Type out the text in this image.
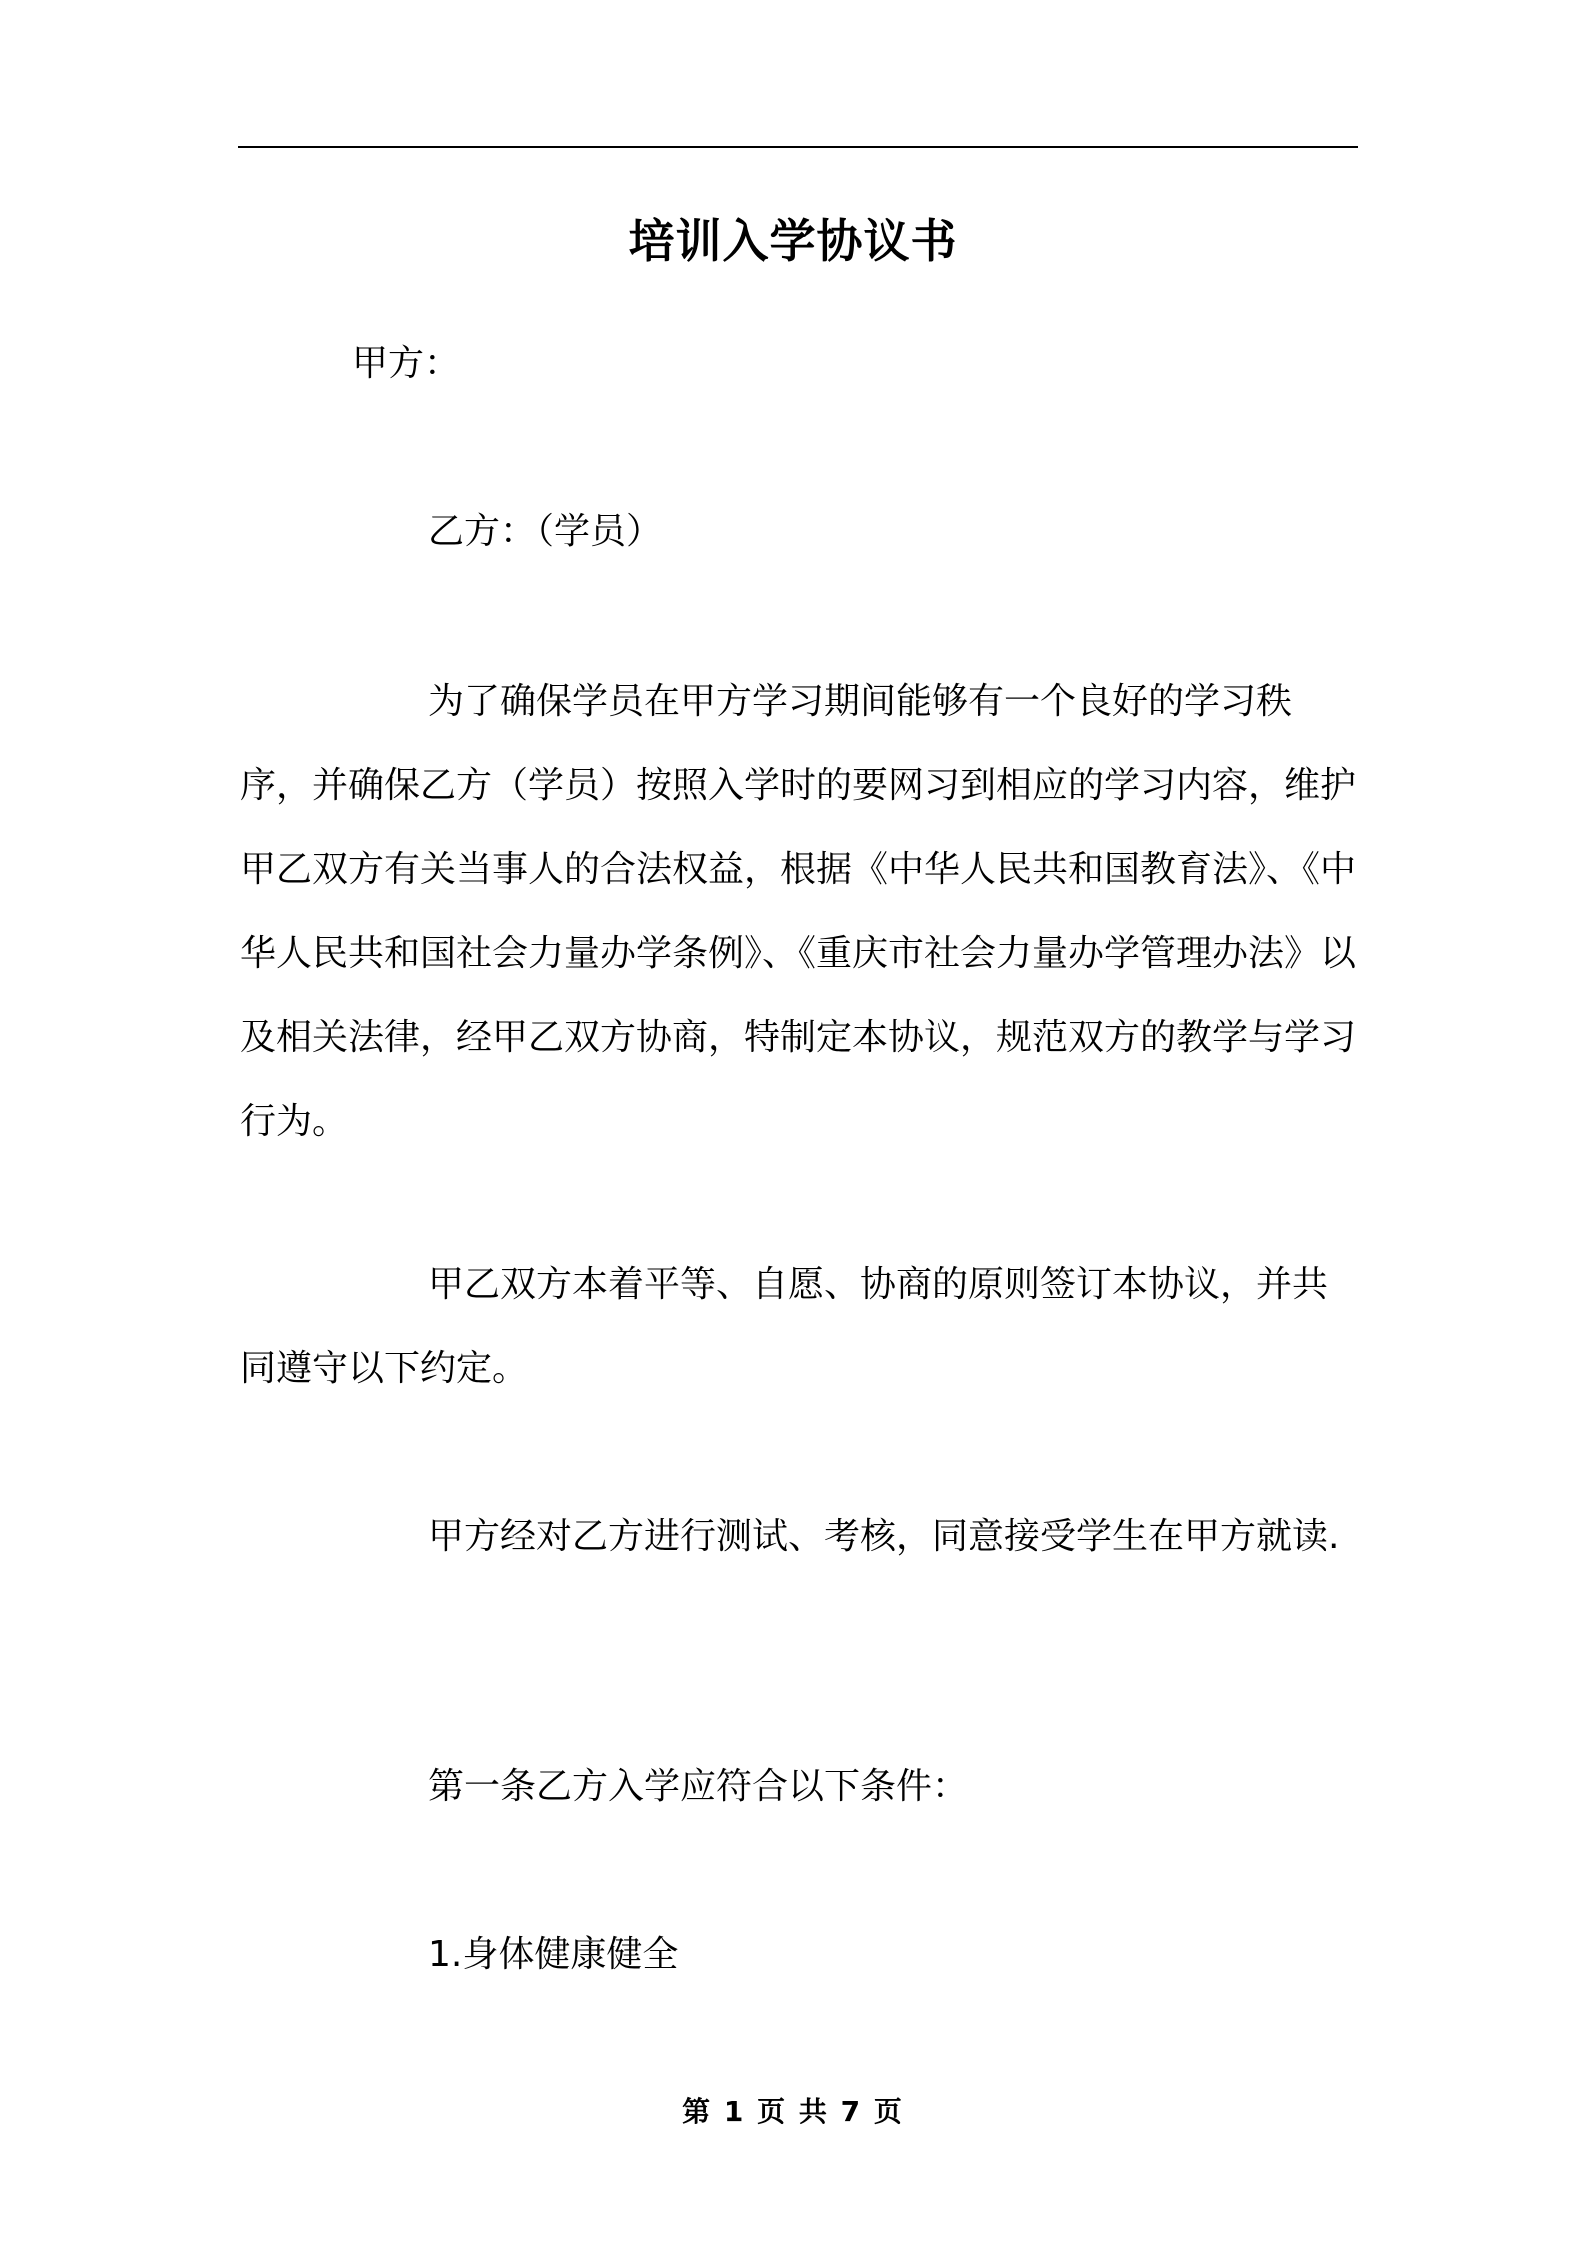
培训入学协议书
甲方：
乙方：（学员）
为了确保学员在甲方学习期间能够有一个良好的学习秩序，并确保乙方（学员）按照入学时的要网习到相应的学习内容，维护甲乙双方有关当事人的合法权益，根据《中华人民共和国教育法》、《中华人民共和国社会力量办学条例》、《重庆市社会力量办学管理办法》以及相关法律，经甲乙双方协商，特制定本协议，规范双方的教学与学习行为。
甲乙双方本着平等、自愿、协商的原则签订本协议，并共同遵守以下约定。
甲方经对乙方进行测试、考核，同意接受学生在甲方就读.
第一条乙方入学应符合以下条件：
1.身体健康健全
第 1 页 共 7 页
